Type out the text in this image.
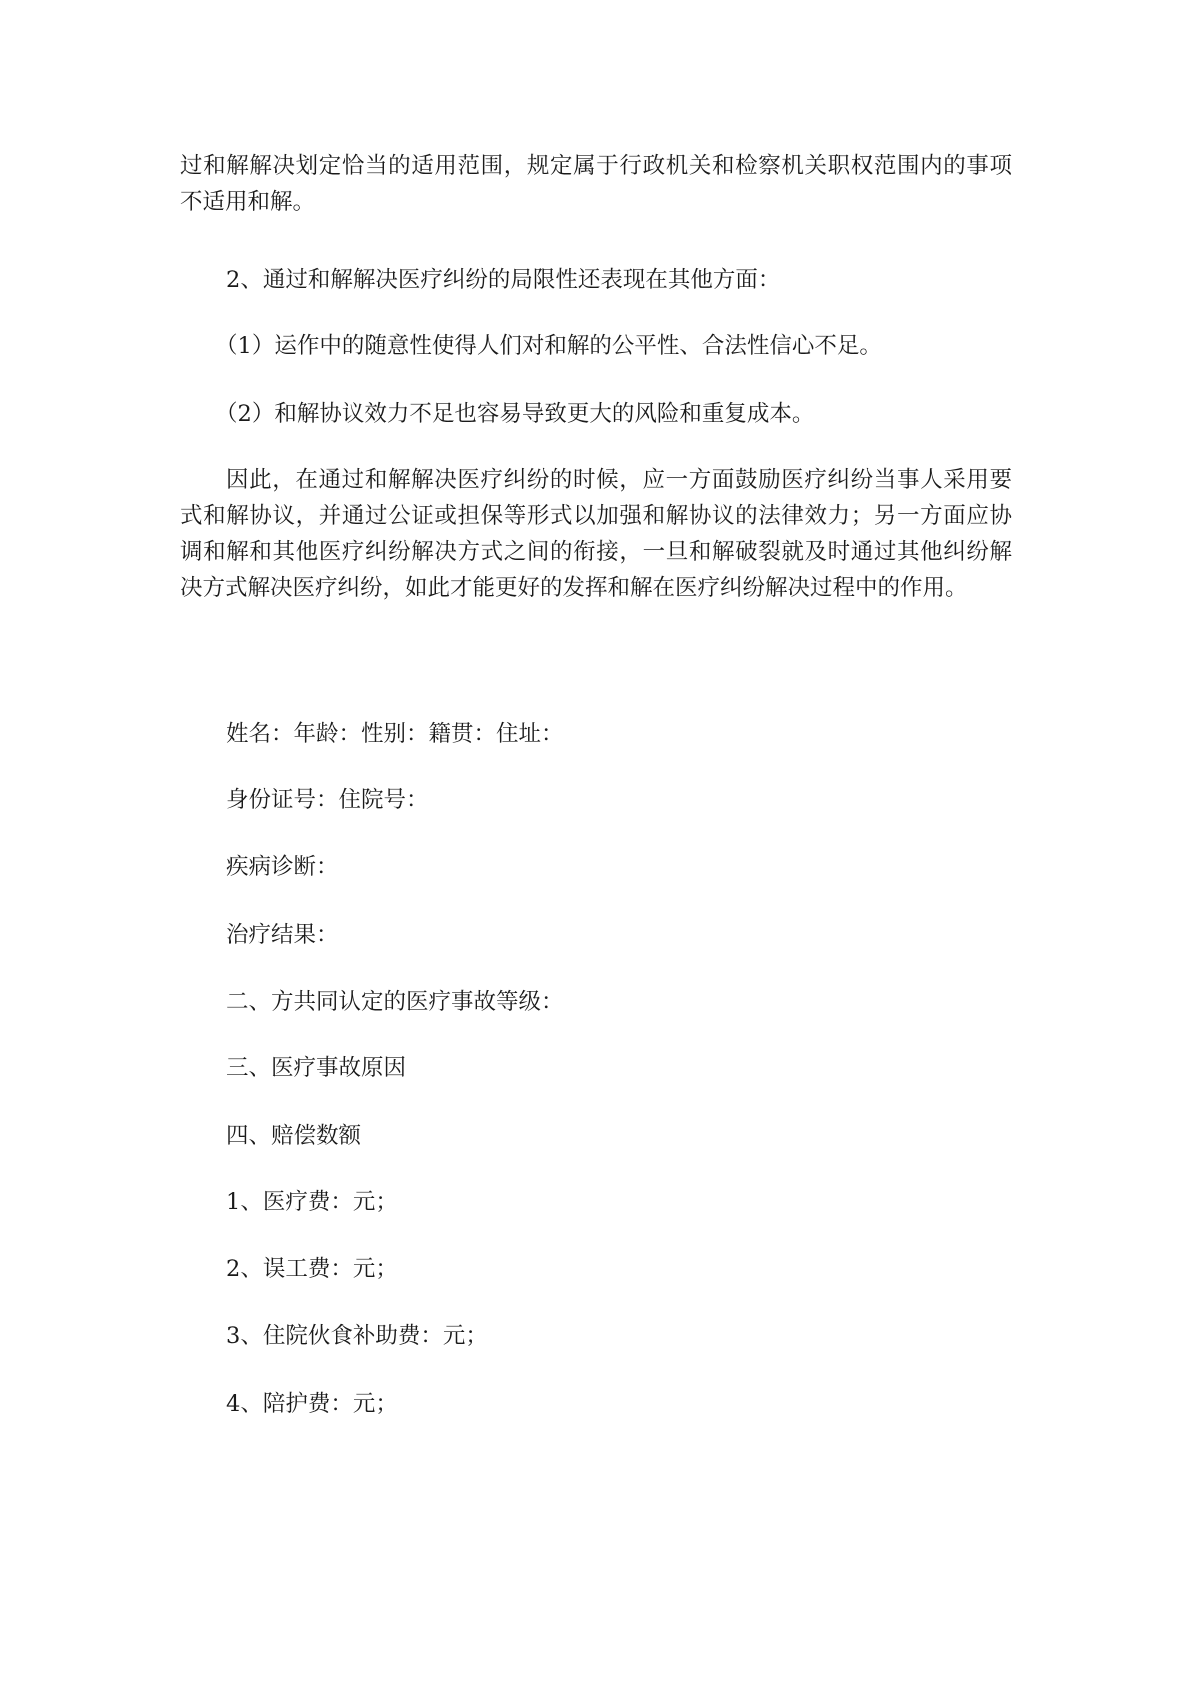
过和解解决划定恰当的适用范围，规定属于行政机关和检察机关职权范围内的事项不适用和解。

2、通过和解解决医疗纠纷的局限性还表现在其他方面：

（1）运作中的随意性使得人们对和解的公平性、合法性信心不足。

（2）和解协议效力不足也容易导致更大的风险和重复成本。

因此，在通过和解解决医疗纠纷的时候，应一方面鼓励医疗纠纷当事人采用要式和解协议，并通过公证或担保等形式以加强和解协议的法律效力；另一方面应协调和解和其他医疗纠纷解决方式之间的衔接，一旦和解破裂就及时通过其他纠纷解决方式解决医疗纠纷，如此才能更好的发挥和解在医疗纠纷解决过程中的作用。

姓名：年龄：性别：籍贯：住址：

身份证号：住院号：

疾病诊断：

治疗结果：

二、方共同认定的医疗事故等级：

三、医疗事故原因

四、赔偿数额

1、医疗费：元；

2、误工费：元；

3、住院伙食补助费：元；

4、陪护费：元；
